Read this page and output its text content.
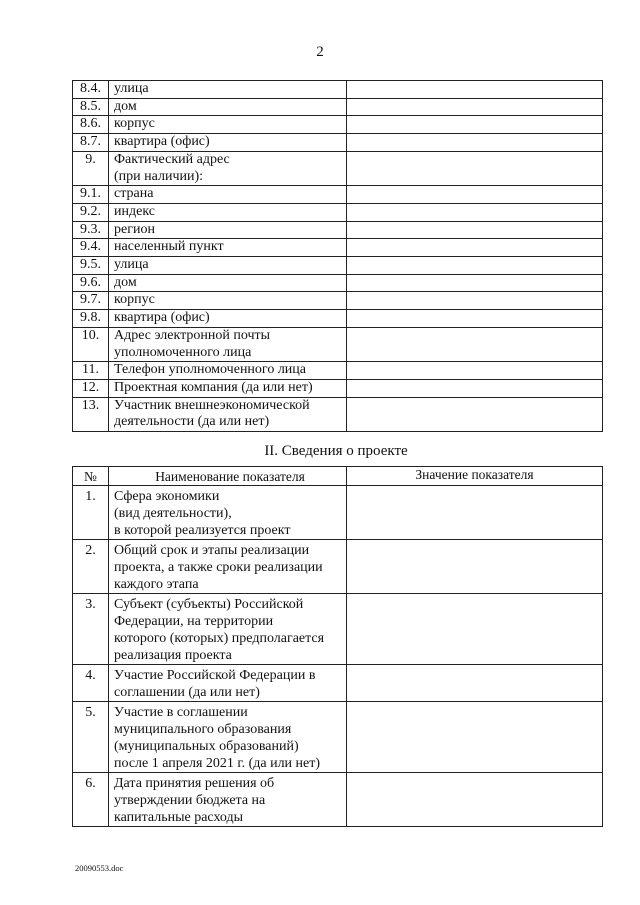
2
8.4.	улица	
8.5.	дом	
8.6.	корпус	
8.7.	квартира (офис)	
9.	Фактический адрес
(при наличии):	
9.1.	страна	
9.2.	индекс	
9.3.	регион	
9.4.	населенный пункт	
9.5.	улица	
9.6.	дом	
9.7.	корпус	
9.8.	квартира (офис)	
10.	Адрес электронной почты
уполномоченного лица	
11.	Телефон уполномоченного лица	
12.	Проектная компания (да или нет)	
13.	Участник внешнеэкономической
деятельности (да или нет)	
II. Сведения о проекте
№	Наименование показателя	Значение показателя
1.	Сфера экономики
(вид деятельности),
в которой реализуется проект	
2.	Общий срок и этапы реализации
проекта, а также сроки реализации
каждого этапа	
3.	Субъект (субъекты) Российской
Федерации, на территории
которого (которых) предполагается
реализация проекта	
4.	Участие Российской Федерации в
соглашении (да или нет)	
5.	Участие в соглашении
муниципального образования
(муниципальных образований)
после 1 апреля 2021 г. (да или нет)	
6.	Дата принятия решения об
утверждении бюджета на
капитальные расходы	
20090553.doc
